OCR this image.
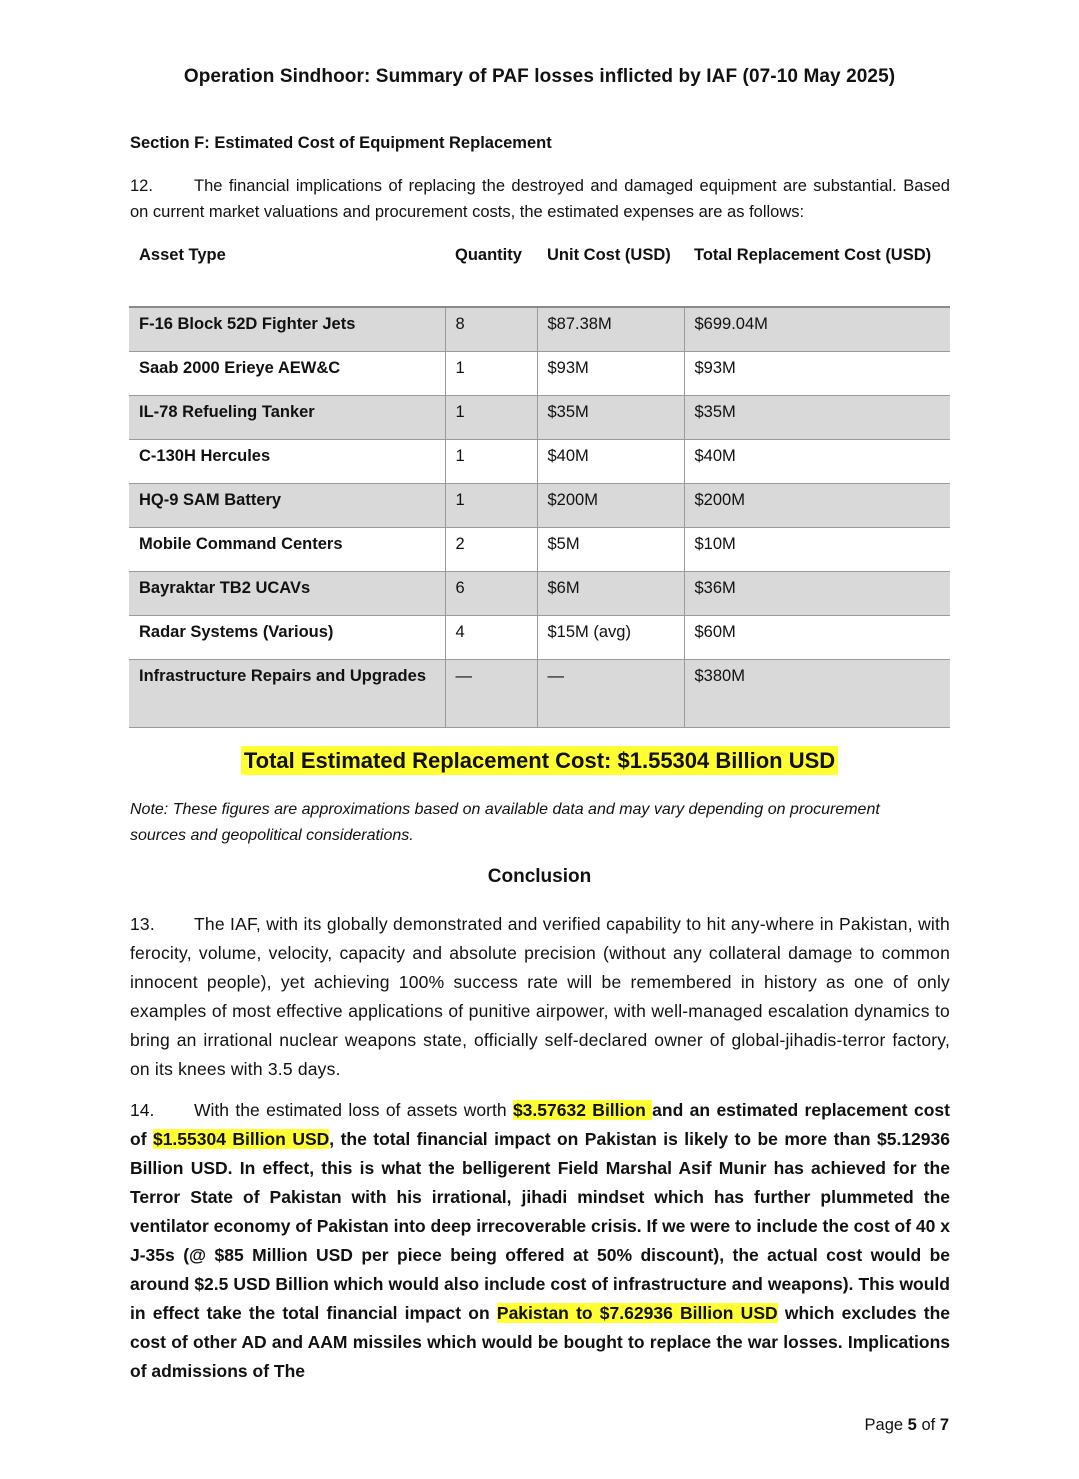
Operation Sindhoor: Summary of PAF losses inflicted by IAF (07-10 May 2025)
Section F: Estimated Cost of Equipment Replacement
12. The financial implications of replacing the destroyed and damaged equipment are substantial. Based on current market valuations and procurement costs, the estimated expenses are as follows:
Asset Type	Quantity	Unit Cost (USD)	Total Replacement Cost (USD)
F-16 Block 52D Fighter Jets	8	$87.38M	$699.04M
Saab 2000 Erieye AEW&C	1	$93M	$93M
IL-78 Refueling Tanker	1	$35M	$35M
C-130H Hercules	1	$40M	$40M
HQ-9 SAM Battery	1	$200M	$200M
Mobile Command Centers	2	$5M	$10M
Bayraktar TB2 UCAVs	6	$6M	$36M
Radar Systems (Various)	4	$15M (avg)	$60M
Infrastructure Repairs and Upgrades	—	—	$380M
Total Estimated Replacement Cost: $1.55304 Billion USD
Note: These figures are approximations based on available data and may vary depending on procurement sources and geopolitical considerations.
Conclusion
13. The IAF, with its globally demonstrated and verified capability to hit any-where in Pakistan, with ferocity, volume, velocity, capacity and absolute precision (without any collateral damage to common innocent people), yet achieving 100% success rate will be remembered in history as one of only examples of most effective applications of punitive airpower, with well-managed escalation dynamics to bring an irrational nuclear weapons state, officially self-declared owner of global-jihadis-terror factory, on its knees with 3.5 days.
14. With the estimated loss of assets worth $3.57632 Billion and an estimated replacement cost of $1.55304 Billion USD, the total financial impact on Pakistan is likely to be more than $5.12936 Billion USD. In effect, this is what the belligerent Field Marshal Asif Munir has achieved for the Terror State of Pakistan with his irrational, jihadi mindset which has further plummeted the ventilator economy of Pakistan into deep irrecoverable crisis. If we were to include the cost of 40 x J-35s (@ $85 Million USD per piece being offered at 50% discount), the actual cost would be around $2.5 USD Billion which would also include cost of infrastructure and weapons). This would in effect take the total financial impact on Pakistan to $7.62936 Billion USD which excludes the cost of other AD and AAM missiles which would be bought to replace the war losses. Implications of admissions of The
Page 5 of 7
